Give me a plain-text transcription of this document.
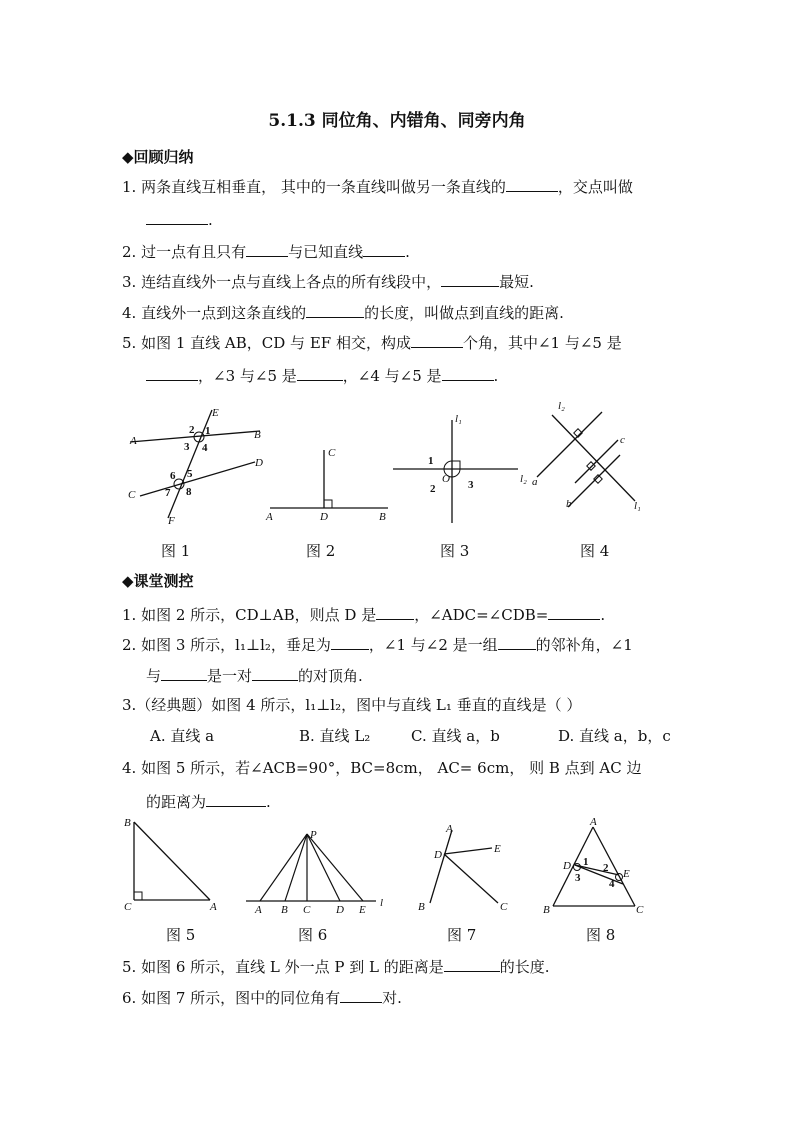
5.1.3 同位角、内错角、同旁内角
◆回顾归纳
1. 两条直线互相垂直， 其中的一条直线叫做另一条直线的	，交点叫做
.
2. 过一点有且只有	与已知直线	.
3. 连结直线外一点与直线上各点的所有线段中，	最短.
4. 直线外一点到这条直线的	的长度，叫做点到直线的距离.
5. 如图 1 直线 AB，CD 与 EF 相交，构成	个角，其中∠1 与∠5 是
，∠3 与∠5 是	，∠4 与∠5 是	.
E
A	B
C
D
F
2 1
3 4
6 5
7 8
C
A	D	B
l₁
l₂
O
1
2	3
l₂
c
a
b	l₁
图 1	图 2	图 3	图 4
◆课堂测控
1. 如图 2 所示，CD⊥AB，则点 D 是	，∠ADC=∠CDB=	.
2. 如图 3 所示，l₁⊥l₂，垂足为	，∠1 与∠2 是一组	的邻补角，∠1
与	是一对	的对顶角.
3.（经典题）如图 4 所示，l₁⊥l₂，图中与直线 L₁ 垂直的直线是（ ）
A. 直线 a	B. 直线 L₂	C. 直线 a，b	D. 直线 a，b，c
4. 如图 5 所示，若∠ACB=90°，BC=8cm， AC= 6cm， 则 B 点到 AC 边
的距离为	.
B
C	A
P
A B C D E
l
A
D	E
B	C
A
D
E
B	C
1 2
3	4
图 5	图 6	图 7	图 8
5. 如图 6 所示，直线 L 外一点 P 到 L 的距离是	的长度.
6. 如图 7 所示，图中的同位角有	对.
